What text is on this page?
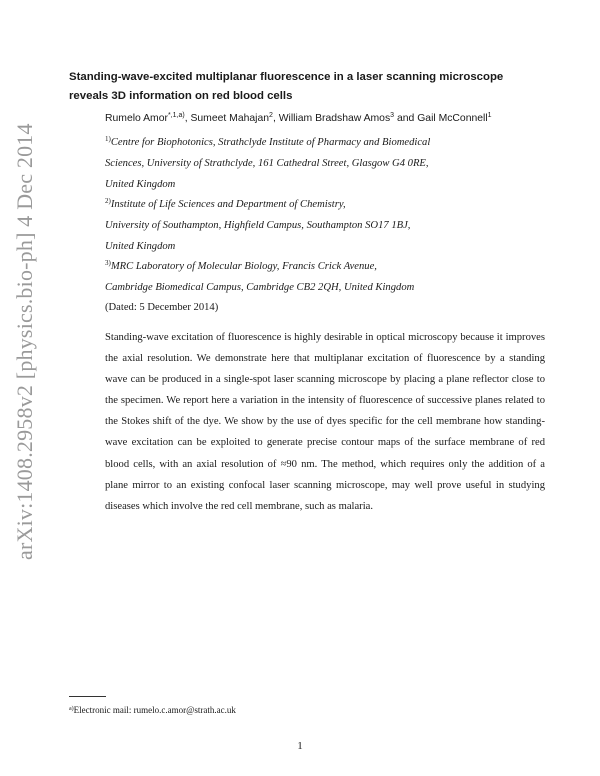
arXiv:1408.2958v2 [physics.bio-ph] 4 Dec 2014
Standing-wave-excited multiplanar fluorescence in a laser scanning microscope reveals 3D information on red blood cells
Rumelo Amor$^{*,1,a)}$, Sumeet Mahajan$^2$, William Bradshaw Amos$^3$ and Gail McConnell$^1$
$^{1)}$Centre for Biophotonics, Strathclyde Institute of Pharmacy and Biomedical
Sciences, University of Strathclyde, 161 Cathedral Street, Glasgow G4 0RE,
United Kingdom
$^{2)}$Institute of Life Sciences and Department of Chemistry,
University of Southampton, Highfield Campus, Southampton SO17 1BJ,
United Kingdom
$^{3)}$MRC Laboratory of Molecular Biology, Francis Crick Avenue,
Cambridge Biomedical Campus, Cambridge CB2 2QH, United Kingdom
(Dated: 5 December 2014)
Standing-wave excitation of fluorescence is highly desirable in optical microscopy because it improves the axial resolution. We demonstrate here that multiplanar excitation of fluorescence by a standing wave can be produced in a single-spot laser scanning microscope by placing a plane reflector close to the specimen. We report here a variation in the intensity of fluorescence of successive planes related to the Stokes shift of the dye. We show by the use of dyes specific for the cell membrane how standing-wave excitation can be exploited to generate precise contour maps of the surface membrane of red blood cells, with an axial resolution of ≈90 nm. The method, which requires only the addition of a plane mirror to an existing confocal laser scanning microscope, may well prove useful in studying diseases which involve the red cell membrane, such as malaria.
$^{a)}$Electronic mail: rumelo.c.amor@strath.ac.uk
1
